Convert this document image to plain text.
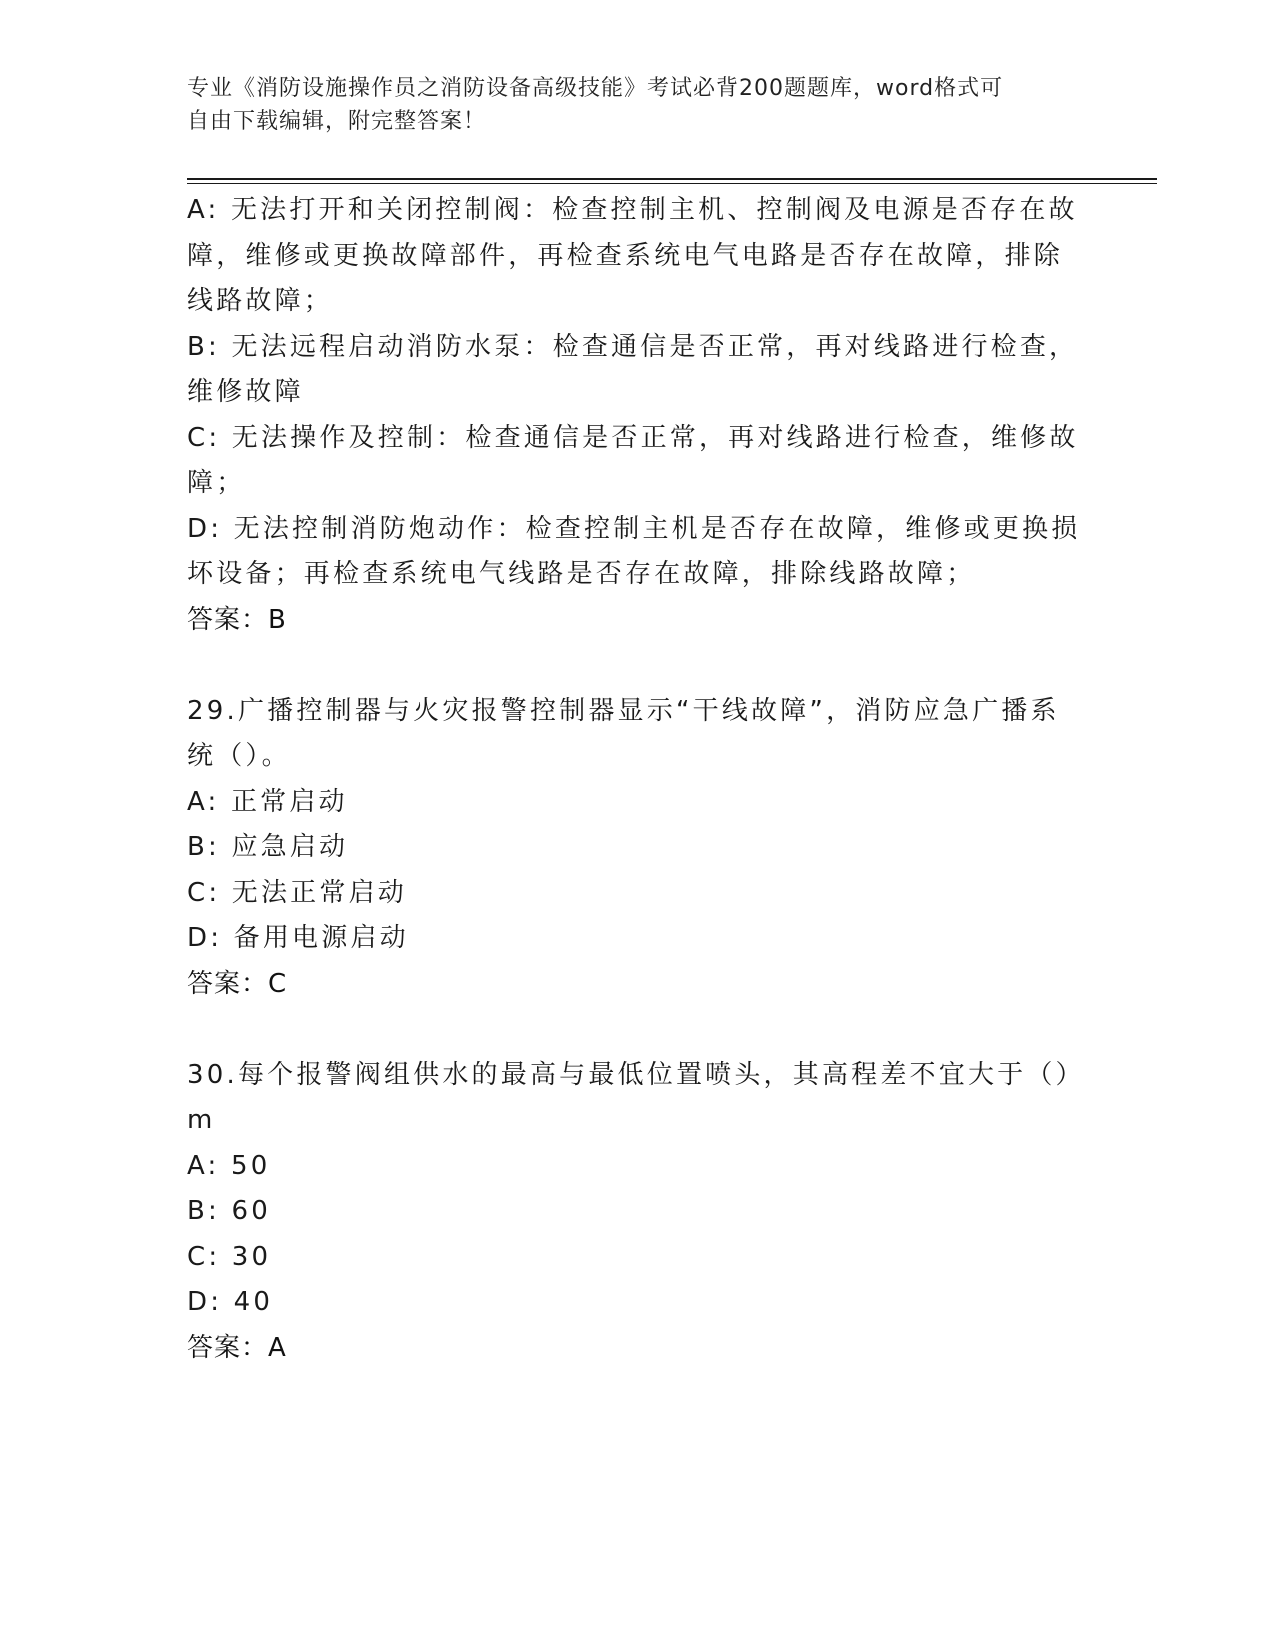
专业《消防设施操作员之消防设备高级技能》考试必背200题题库，word格式可
自由下载编辑，附完整答案！
A: 无法打开和关闭控制阀：检查控制主机、控制阀及电源是否存在故
障，维修或更换故障部件，再检查系统电气电路是否存在故障，排除
线路故障；
B: 无法远程启动消防水泵：检查通信是否正常，再对线路进行检查，
维修故障
C: 无法操作及控制：检查通信是否正常，再对线路进行检查，维修故
障；
D: 无法控制消防炮动作：检查控制主机是否存在故障，维修或更换损
坏设备；再检查系统电气线路是否存在故障，排除线路故障；
答案：B
29.广播控制器与火灾报警控制器显示“干线故障”，消防应急广播系
统（）。
A: 正常启动
B: 应急启动
C: 无法正常启动
D: 备用电源启动
答案：C
30.每个报警阀组供水的最高与最低位置喷头，其高程差不宜大于（）
m
A: 50
B: 60
C: 30
D: 40
答案：A
